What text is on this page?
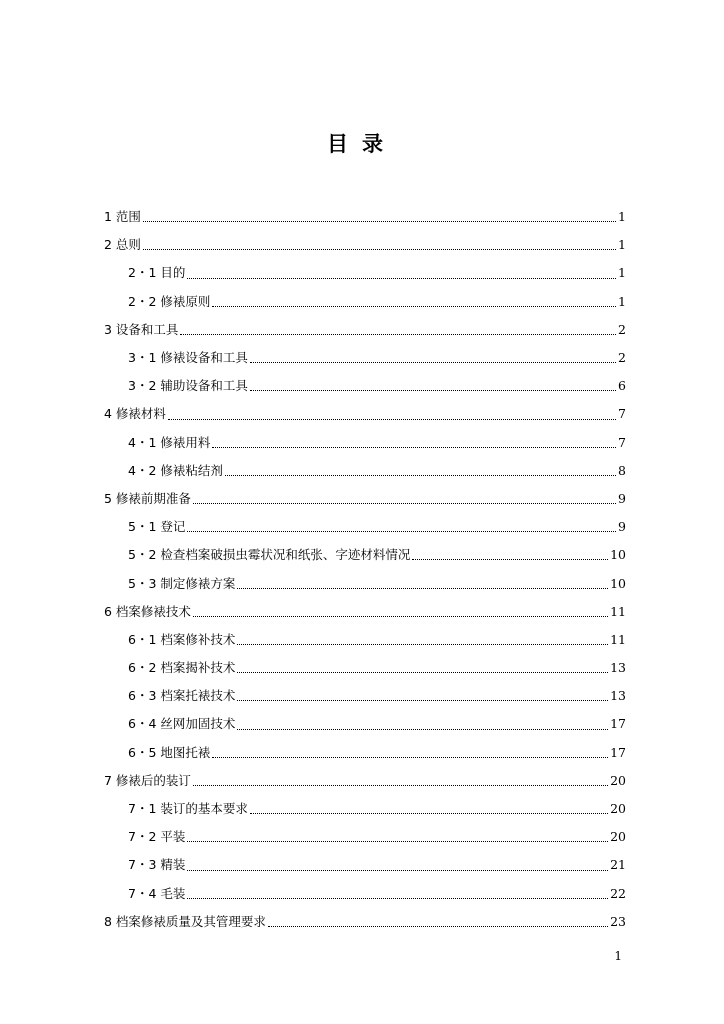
目录
1 范围	1
2 总则	1
2・1 目的	1
2・2 修裱原则	1
3 设备和工具	2
3・1 修裱设备和工具	2
3・2 辅助设备和工具	6
4 修裱材料	7
4・1 修裱用料	7
4・2 修裱粘结剂	8
5 修裱前期准备	9
5・1 登记	9
5・2 检查档案破损虫霉状况和纸张、字迹材料情况	10
5・3 制定修裱方案	10
6 档案修裱技术	11
6・1 档案修补技术	11
6・2 档案揭补技术	13
6・3 档案托裱技术	13
6・4 丝网加固技术	17
6・5 地图托裱	17
7 修裱后的装订	20
7・1 装订的基本要求	20
7・2 平装	20
7・3 精装	21
7・4 毛装	22
8 档案修裱质量及其管理要求	23
1
